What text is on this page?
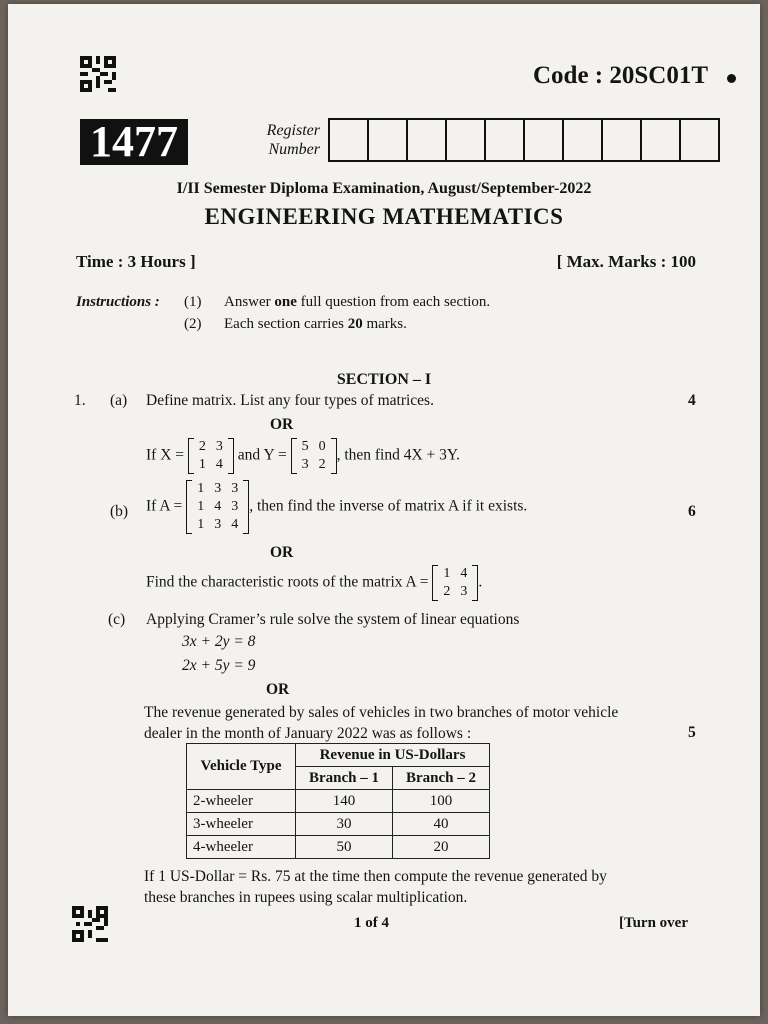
Code : 20SC01T
1477	Register
Number
I/II Semester Diploma Examination, August/September-2022
ENGINEERING MATHEMATICS
Time : 3 Hours ]	[ Max. Marks : 100
Instructions : (1) Answer one full question from each section.
(2) Each section carries 20 marks.
SECTION – I
1. (a) Define matrix. List any four types of matrices.	4
OR
If X =
2	3
1	4
and Y =
5	0
3	2
, then find 4X + 3Y.
(b) If A =
1	3	3
1	4	3
1	3	4
, then find the inverse of matrix A if it exists.	6
OR
Find the characteristic roots of the matrix A =
1	4
2	3
.
(c) Applying Cramer’s rule solve the system of linear equations
3x + 2y = 8
2x + 5y = 9
OR
The revenue generated by sales of vehicles in two branches of motor vehicle
dealer in the month of January 2022 was as follows :	5
Vehicle Type	Revenue in US-Dollars	
	Branch – 1	Branch – 2
2-wheeler	140	100
3-wheeler	30	40
4-wheeler	50	20
If 1 US-Dollar = Rs. 75 at the time then compute the revenue generated by
these branches in rupees using scalar multiplication.
1 of 4	[Turn over
